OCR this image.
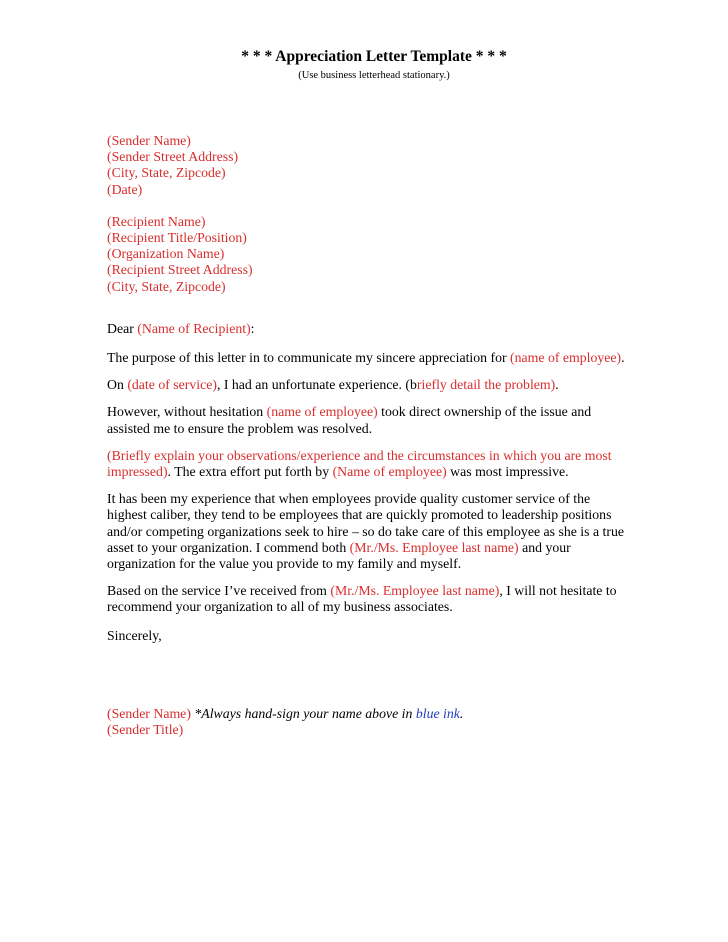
* * * Appreciation Letter Template * * *
(Use business letterhead stationary.)

(Sender Name)
(Sender Street Address)
(City, State, Zipcode)
(Date)

(Recipient Name)
(Recipient Title/Position)
(Organization Name)
(Recipient Street Address)
(City, State, Zipcode)

Dear (Name of Recipient):

The purpose of this letter in to communicate my sincere appreciation for (name of employee).

On (date of service), I had an unfortunate experience. (briefly detail the problem).

However, without hesitation (name of employee) took direct ownership of the issue and assisted me to ensure the problem was resolved.

(Briefly explain your observations/experience and the circumstances in which you are most impressed). The extra effort put forth by (Name of employee) was most impressive.

It has been my experience that when employees provide quality customer service of the highest caliber, they tend to be employees that are quickly promoted to leadership positions and/or competing organizations seek to hire – so do take care of this employee as she is a true asset to your organization. I commend both (Mr./Ms. Employee last name) and your organization for the value you provide to my family and myself.

Based on the service I’ve received from (Mr./Ms. Employee last name), I will not hesitate to recommend your organization to all of my business associates.

Sincerely,

(Sender Name) *Always hand-sign your name above in blue ink.
(Sender Title)
